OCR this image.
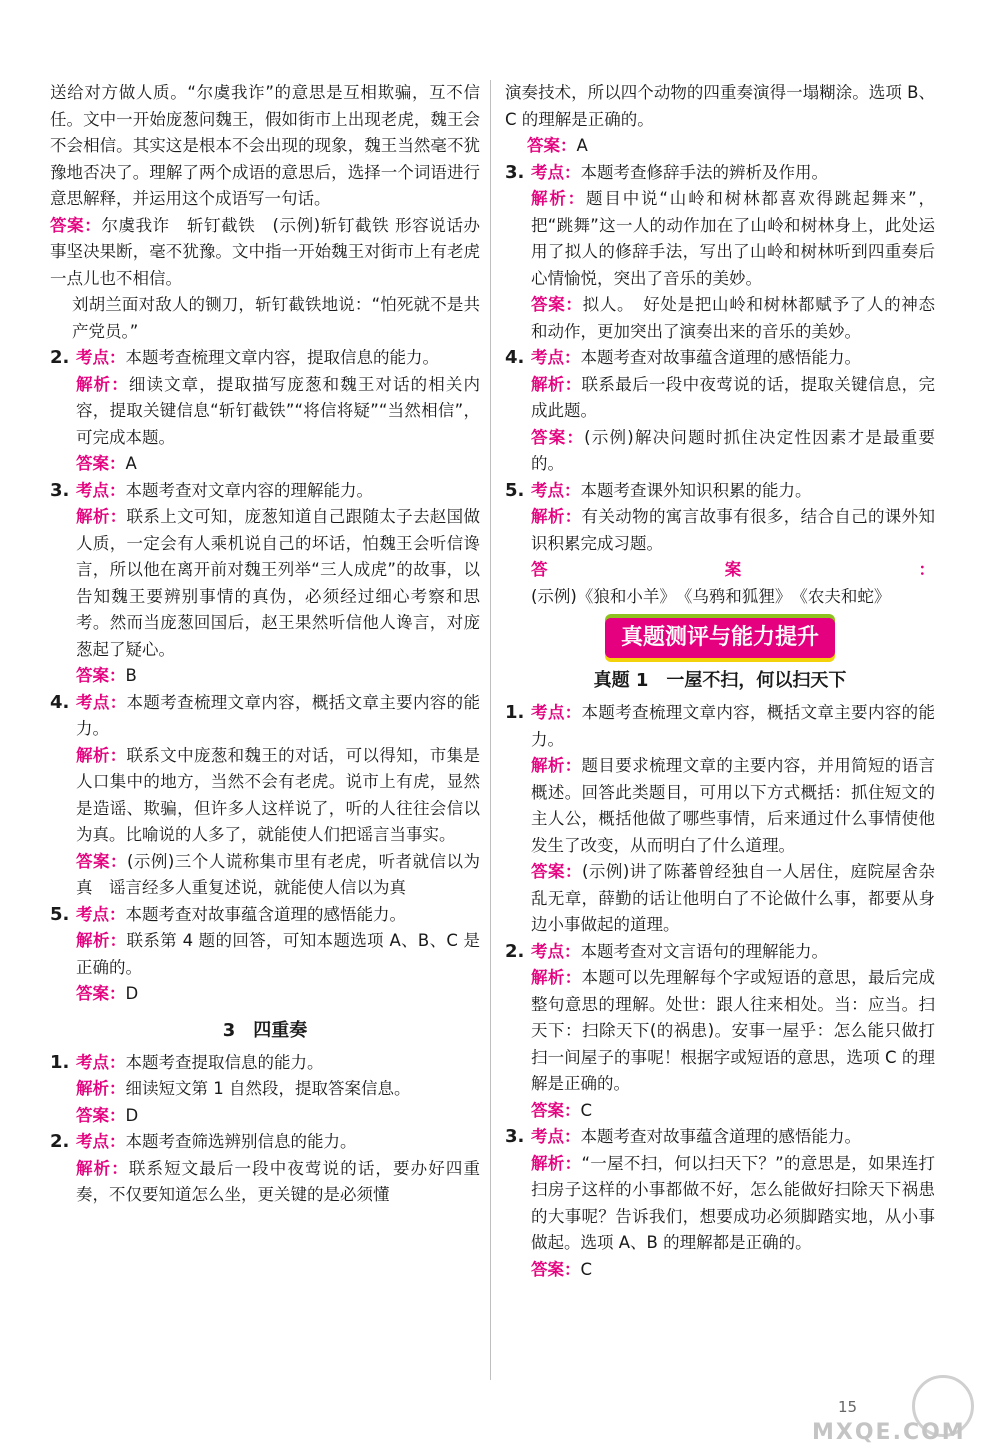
送给对方做人质。“尔虞我诈”的意思是互相欺骗，互不信任。文中一开始庞葱问魏王，假如街市上出现老虎，魏王会不会相信。其实这是根本不会出现的现象，魏王当然毫不犹豫地否决了。理解了两个成语的意思后，选择一个词语进行意思解释，并运用这个成语写一句话。

答案：尔虞我诈　斩钉截铁　(示例)斩钉截铁 形容说话办事坚决果断，毫不犹豫。文中指一开始魏王对街市上有老虎一点儿也不相信。

刘胡兰面对敌人的铡刀，斩钉截铁地说：“怕死就不是共产党员。”

2. 考点：本题考查梳理文章内容，提取信息的能力。

解析：细读文章，提取描写庞葱和魏王对话的相关内容，提取关键信息“斩钉截铁”“将信将疑”“当然相信”，可完成本题。

答案：A

3. 考点：本题考查对文章内容的理解能力。

解析：联系上文可知，庞葱知道自己跟随太子去赵国做人质，一定会有人乘机说自己的坏话，怕魏王会听信谗言，所以他在离开前对魏王列举“三人成虎”的故事，以告知魏王要辨别事情的真伪，必须经过细心考察和思考。然而当庞葱回国后，赵王果然听信他人谗言，对庞葱起了疑心。

答案：B

4. 考点：本题考查梳理文章内容，概括文章主要内容的能力。

解析：联系文中庞葱和魏王的对话，可以得知，市集是人口集中的地方，当然不会有老虎。说市上有虎，显然是造谣、欺骗，但许多人这样说了，听的人往往会信以为真。比喻说的人多了，就能使人们把谣言当事实。

答案：(示例)三个人谎称集市里有老虎，听者就信以为真　谣言经多人重复述说，就能使人信以为真

5. 考点：本题考查对故事蕴含道理的感悟能力。

解析：联系第 4 题的回答，可知本题选项 A、B、C 是正确的。

答案：D

3　四重奏
1. 考点：本题考查提取信息的能力。

解析：细读短文第 1 自然段，提取答案信息。

答案：D

2. 考点：本题考查筛选辨别信息的能力。

解析：联系短文最后一段中夜莺说的话，要办好四重奏，不仅要知道怎么坐，更关键的是必须懂

演奏技术，所以四个动物的四重奏演得一塌糊涂。选项 B、C 的理解是正确的。

答案：A

3. 考点：本题考查修辞手法的辨析及作用。

解析：题目中说“山岭和树林都喜欢得跳起舞来”，把“跳舞”这一人的动作加在了山岭和树林身上，此处运用了拟人的修辞手法，写出了山岭和树林听到四重奏后心情愉悦，突出了音乐的美妙。

答案：拟人。　好处是把山岭和树林都赋予了人的神态和动作，更加突出了演奏出来的音乐的美妙。

4. 考点：本题考查对故事蕴含道理的感悟能力。

解析：联系最后一段中夜莺说的话，提取关键信息，完成此题。

答案：(示例)解决问题时抓住决定性因素才是最重要的。

5. 考点：本题考查课外知识积累的能力。

解析：有关动物的寓言故事有很多，结合自己的课外知识积累完成习题。

答案：(示例)《狼和小羊》　《乌鸦和狐狸》　《农夫和蛇》

真题测评与能力提升
真题 1　一屋不扫，何以扫天下
1. 考点：本题考查梳理文章内容，概括文章主要内容的能力。

解析：题目要求梳理文章的主要内容，并用简短的语言概述。回答此类题目，可用以下方式概括：抓住短文的主人公，概括他做了哪些事情，后来通过什么事情使他发生了改变，从而明白了什么道理。

答案：(示例)讲了陈蕃曾经独自一人居住，庭院屋舍杂乱无章，薛勤的话让他明白了不论做什么事，都要从身边小事做起的道理。

2. 考点：本题考查对文言语句的理解能力。

解析：本题可以先理解每个字或短语的意思，最后完成整句意思的理解。处世：跟人往来相处。当：应当。扫天下：扫除天下(的祸患)。安事一屋乎：怎么能只做打扫一间屋子的事呢！根据字或短语的意思，选项 C 的理解是正确的。

答案：C

3. 考点：本题考查对故事蕴含道理的感悟能力。

解析：“一屋不扫，何以扫天下？”的意思是，如果连打扫房子这样的小事都做不好，怎么能做好扫除天下祸患的大事呢？告诉我们，想要成功必须脚踏实地，从小事做起。选项 A、B 的理解都是正确的。

答案：C

15
MXQE.COM
